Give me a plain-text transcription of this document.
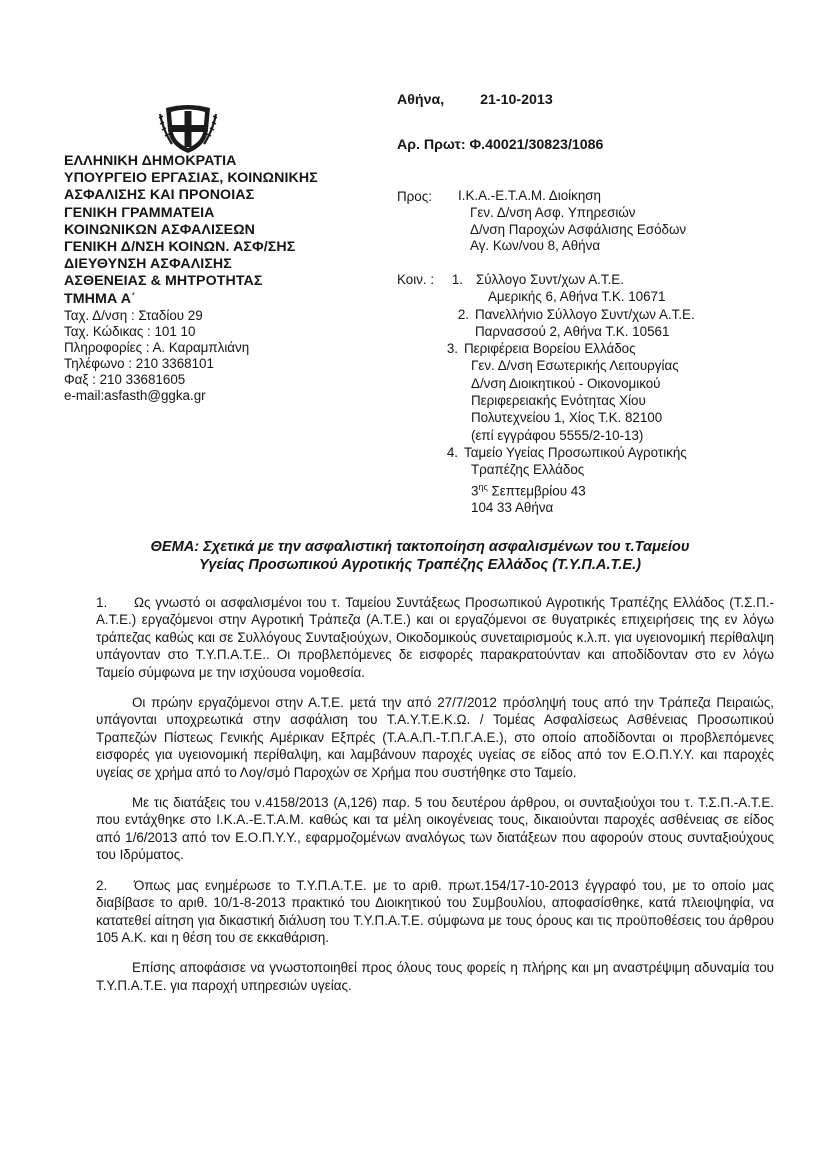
ΕΛΛΗΝΙΚΗ ΔΗΜΟΚΡΑΤΙΑ
ΥΠΟΥΡΓΕΙΟ ΕΡΓΑΣΙΑΣ, ΚΟΙΝΩΝΙΚΗΣ
ΑΣΦΑΛΙΣΗΣ ΚΑΙ ΠΡΟΝΟΙΑΣ
ΓΕΝΙΚΗ ΓΡΑΜΜΑΤΕΙΑ
ΚΟΙΝΩΝΙΚΩΝ ΑΣΦΑΛΙΣΕΩΝ
ΓΕΝΙΚΗ Δ/ΝΣΗ ΚΟΙΝΩΝ. ΑΣΦ/ΣΗΣ
ΔΙΕΥΘΥΝΣΗ ΑΣΦΑΛΙΣΗΣ
ΑΣΘΕΝΕΙΑΣ & ΜΗΤΡΟΤΗΤΑΣ
ΤΜΗΜΑ Α΄
Ταχ. Δ/νση : Σταδίου 29
Ταχ. Κώδικας : 101 10
Πληροφορίες : Α. Καραμπλιάνη
Τηλέφωνο : 210 3368101
Φαξ : 210 33681605
e-mail:asfasth@ggka.gr
Αθήνα,	21-10-2013
Αρ. Πρωτ: Φ.40021/30823/1086
Προς: Ι.Κ.Α.-Ε.Τ.Α.Μ. Διοίκηση
Γεν. Δ/νση Ασφ. Υπηρεσιών
Δ/νση Παροχών Ασφάλισης Εσόδων
Αγ. Κων/νου 8, Αθήνα
Κοιν. :	1. Σύλλογο Συντ/χων Α.Τ.Ε.
Αμερικής 6, Αθήνα Τ.Κ. 10671
2. Πανελλήνιο Σύλλογο Συντ/χων Α.Τ.Ε.
Παρνασσού 2, Αθήνα Τ.Κ. 10561
3. Περιφέρεια Βορείου Ελλάδος
Γεν. Δ/νση Εσωτερικής Λειτουργίας
Δ/νση Διοικητικού - Οικονομικού
Περιφερειακής Ενότητας Χίου
Πολυτεχνείου 1, Χίος Τ.Κ. 82100
(επί εγγράφου 5555/2-10-13)
4. Ταμείο Υγείας Προσωπικού Αγροτικής
Τραπέζης Ελλάδος
$3^{\eta\varsigma}$ Σεπτεμβρίου 43
104 33 Αθήνα
ΘΕΜΑ: Σχετικά με την ασφαλιστική τακτοποίηση ασφαλισμένων του τ.Ταμείου
Υγείας Προσωπικού Αγροτικής Τραπέζης Ελλάδος (Τ.Υ.Π.Α.Τ.Ε.)

1. Ως γνωστό οι ασφαλισμένοι του τ. Ταμείου Συντάξεως Προσωπικού Αγροτικής Τραπέζης Ελλάδος (Τ.Σ.Π.-Α.Τ.Ε.) εργαζόμενοι στην Αγροτική Τράπεζα (Α.Τ.Ε.) και οι εργαζόμενοι σε θυγατρικές επιχειρήσεις της εν λόγω τράπεζας καθώς και σε Συλλόγους Συνταξιούχων, Οικοδομικούς συνεταιρισμούς κ.λ.π. για υγειονομική περίθαλψη υπάγονταν στο Τ.Υ.Π.Α.Τ.Ε.. Οι προβλεπόμενες δε εισφορές παρακρατούνταν και αποδίδονταν στο εν λόγω Ταμείο σύμφωνα με την ισχύουσα νομοθεσία.

Οι πρώην εργαζόμενοι στην Α.Τ.Ε. μετά την από 27/7/2012 πρόσληψή τους από την Τράπεζα Πειραιώς, υπάγονται υποχρεωτικά στην ασφάλιση του Τ.Α.Υ.Τ.Ε.Κ.Ω. / Τομέας Ασφαλίσεως Ασθένειας Προσωπικού Τραπεζών Πίστεως Γενικής Αμέρικαν Εξπρές (Τ.Α.Α.Π.-Τ.Π.Γ.Α.Ε.), στο οποίο αποδίδονται οι προβλεπόμενες εισφορές για υγειονομική περίθαλψη, και λαμβάνουν παροχές υγείας σε είδος από τον Ε.Ο.Π.Υ.Υ. και παροχές υγείας σε χρήμα από το Λογ/σμό Παροχών σε Χρήμα που συστήθηκε στο Ταμείο.

Με τις διατάξεις του ν.4158/2013 (Α,126) παρ. 5 του δευτέρου άρθρου, οι συνταξιούχοι του τ. Τ.Σ.Π.-Α.Τ.Ε. που εντάχθηκε στο Ι.Κ.Α.-Ε.Τ.Α.Μ. καθώς και τα μέλη οικογένειας τους, δικαιούνται παροχές ασθένειας σε είδος από 1/6/2013 από τον Ε.Ο.Π.Υ.Υ., εφαρμοζομένων αναλόγως των διατάξεων που αφορούν στους συνταξιούχους του Ιδρύματος.

2. Όπως μας ενημέρωσε το Τ.Υ.Π.Α.Τ.Ε. με το αριθ. πρωτ.154/17-10-2013 έγγραφό του, με το οποίο μας διαβίβασε το αριθ. 10/1-8-2013 πρακτικό του Διοικητικού του Συμβουλίου, αποφασίσθηκε, κατά πλειοψηφία, να κατατεθεί αίτηση για δικαστική διάλυση του Τ.Υ.Π.Α.Τ.Ε. σύμφωνα με τους όρους και τις προϋποθέσεις του άρθρου 105 Α.Κ. και η θέση του σε εκκαθάριση.

Επίσης αποφάσισε να γνωστοποιηθεί προς όλους τους φορείς η πλήρης και μη αναστρέψιμη αδυναμία του Τ.Υ.Π.Α.Τ.Ε. για παροχή υπηρεσιών υγείας.
